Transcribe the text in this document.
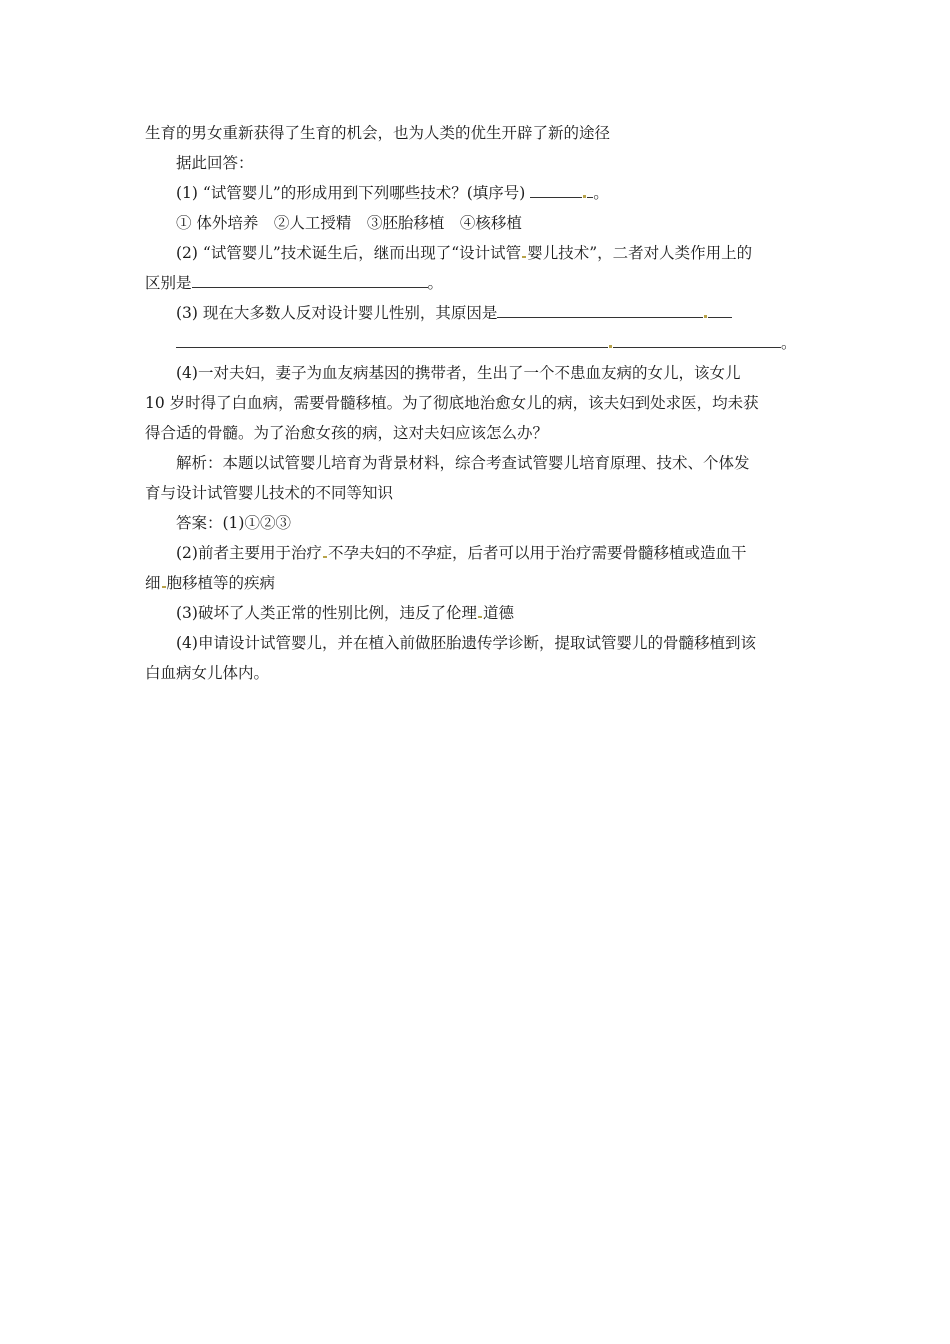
生育的男女重新获得了生育的机会，也为人类的优生开辟了新的途径
据此回答：
(1) “试管婴儿”的形成用到下列哪些技术？(填序号)	。
① 体外培养　②人工授精　③胚胎移植　④核移植
(2) “试管婴儿”技术诞生后，继而出现了“设计试管 婴儿技术”，二者对人类作用上的
区别是	。
(3) 现在大多数人反对设计婴儿性别，其原因是
。
(4)一对夫妇，妻子为血友病基因的携带者，生出了一个不患血友病的女儿，该女儿
10 岁时得了白血病，需要骨髓移植。为了彻底地治愈女儿的病，该夫妇到处求医，均未获
得合适的骨髓。为了治愈女孩的病，这对夫妇应该怎么办？
解析：本题以试管婴儿培育为背景材料，综合考查试管婴儿培育原理、技术、个体发
育与设计试管婴儿技术的不同等知识
答案：(1)①②③
(2)前者主要用于治疗 不孕夫妇的不孕症，后者可以用于治疗需要骨髓移植或造血干
细 胞移植等的疾病
(3)破坏了人类正常的性别比例，违反了伦理 道德
(4)申请设计试管婴儿，并在植入前做胚胎遗传学诊断，提取试管婴儿的骨髓移植到该
白血病女儿体内。
